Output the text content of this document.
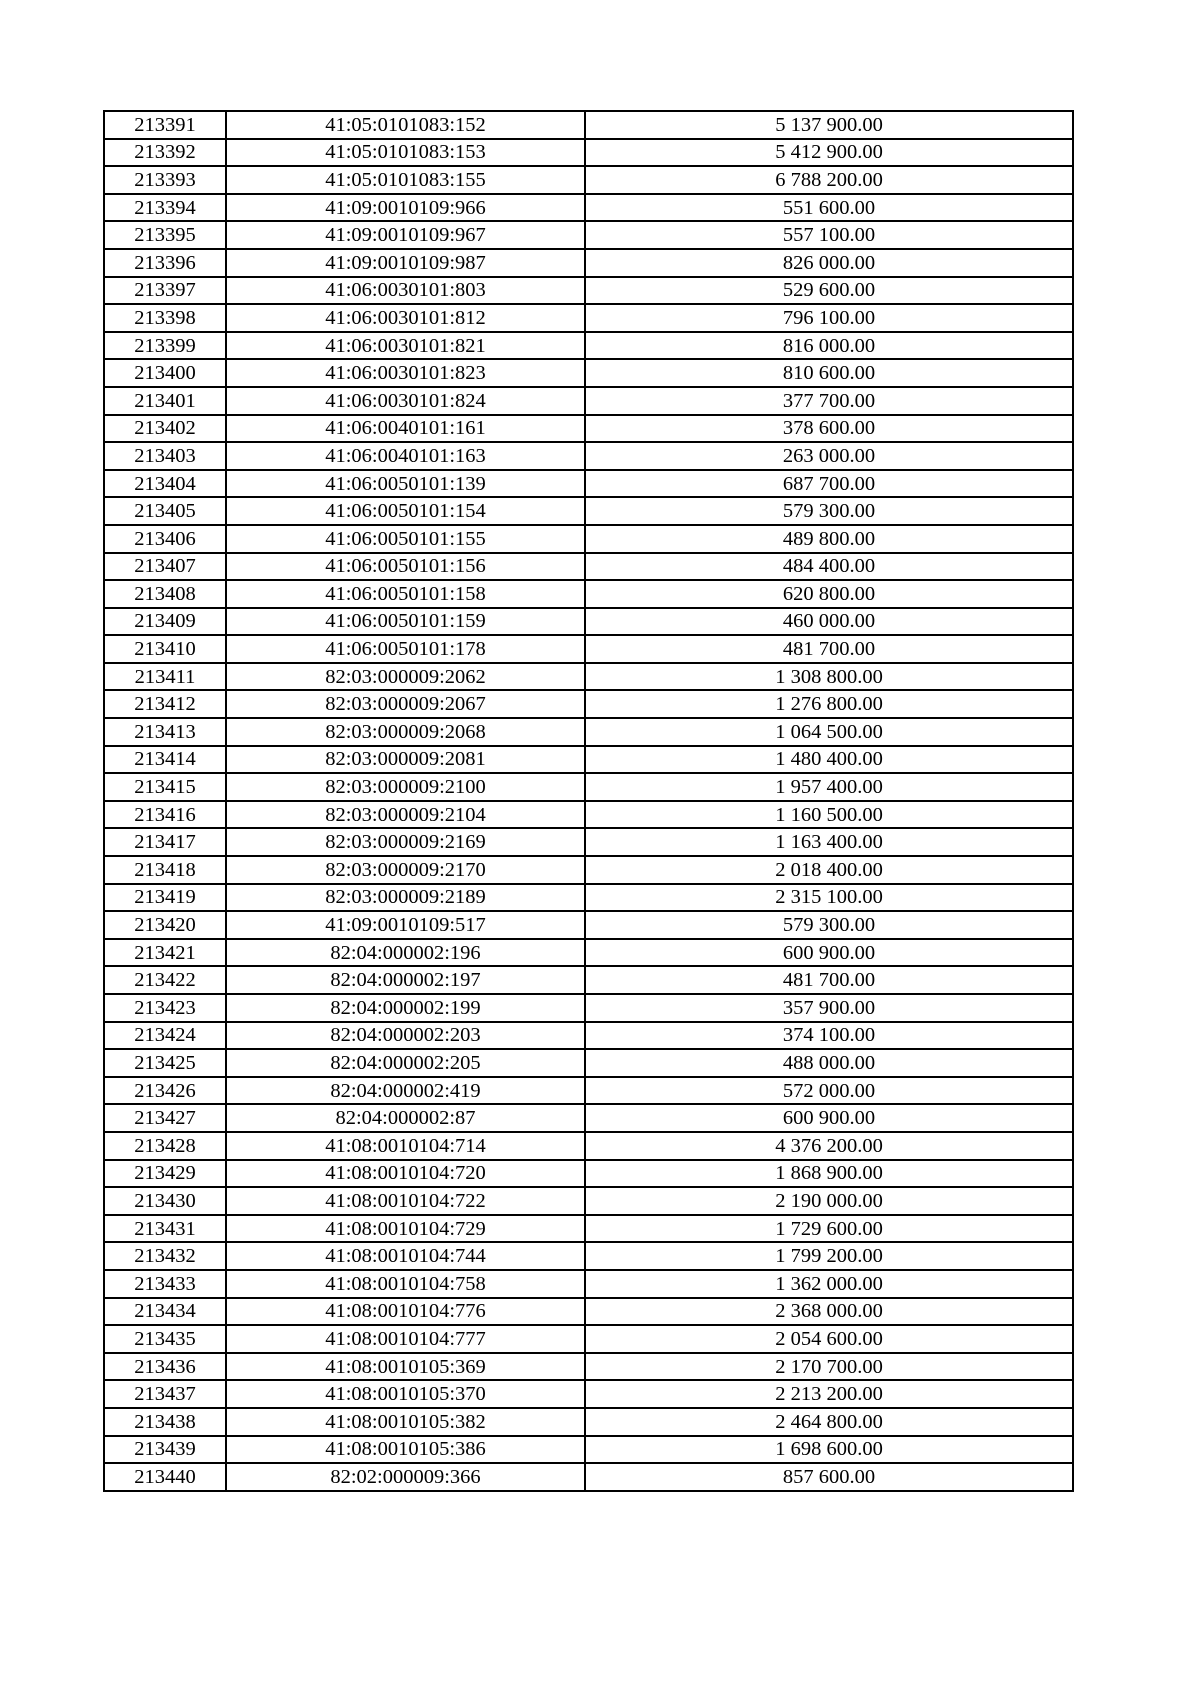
213391	41:05:0101083:152	5 137 900.00
213392	41:05:0101083:153	5 412 900.00
213393	41:05:0101083:155	6 788 200.00
213394	41:09:0010109:966	551 600.00
213395	41:09:0010109:967	557 100.00
213396	41:09:0010109:987	826 000.00
213397	41:06:0030101:803	529 600.00
213398	41:06:0030101:812	796 100.00
213399	41:06:0030101:821	816 000.00
213400	41:06:0030101:823	810 600.00
213401	41:06:0030101:824	377 700.00
213402	41:06:0040101:161	378 600.00
213403	41:06:0040101:163	263 000.00
213404	41:06:0050101:139	687 700.00
213405	41:06:0050101:154	579 300.00
213406	41:06:0050101:155	489 800.00
213407	41:06:0050101:156	484 400.00
213408	41:06:0050101:158	620 800.00
213409	41:06:0050101:159	460 000.00
213410	41:06:0050101:178	481 700.00
213411	82:03:000009:2062	1 308 800.00
213412	82:03:000009:2067	1 276 800.00
213413	82:03:000009:2068	1 064 500.00
213414	82:03:000009:2081	1 480 400.00
213415	82:03:000009:2100	1 957 400.00
213416	82:03:000009:2104	1 160 500.00
213417	82:03:000009:2169	1 163 400.00
213418	82:03:000009:2170	2 018 400.00
213419	82:03:000009:2189	2 315 100.00
213420	41:09:0010109:517	579 300.00
213421	82:04:000002:196	600 900.00
213422	82:04:000002:197	481 700.00
213423	82:04:000002:199	357 900.00
213424	82:04:000002:203	374 100.00
213425	82:04:000002:205	488 000.00
213426	82:04:000002:419	572 000.00
213427	82:04:000002:87	600 900.00
213428	41:08:0010104:714	4 376 200.00
213429	41:08:0010104:720	1 868 900.00
213430	41:08:0010104:722	2 190 000.00
213431	41:08:0010104:729	1 729 600.00
213432	41:08:0010104:744	1 799 200.00
213433	41:08:0010104:758	1 362 000.00
213434	41:08:0010104:776	2 368 000.00
213435	41:08:0010104:777	2 054 600.00
213436	41:08:0010105:369	2 170 700.00
213437	41:08:0010105:370	2 213 200.00
213438	41:08:0010105:382	2 464 800.00
213439	41:08:0010105:386	1 698 600.00
213440	82:02:000009:366	857 600.00
